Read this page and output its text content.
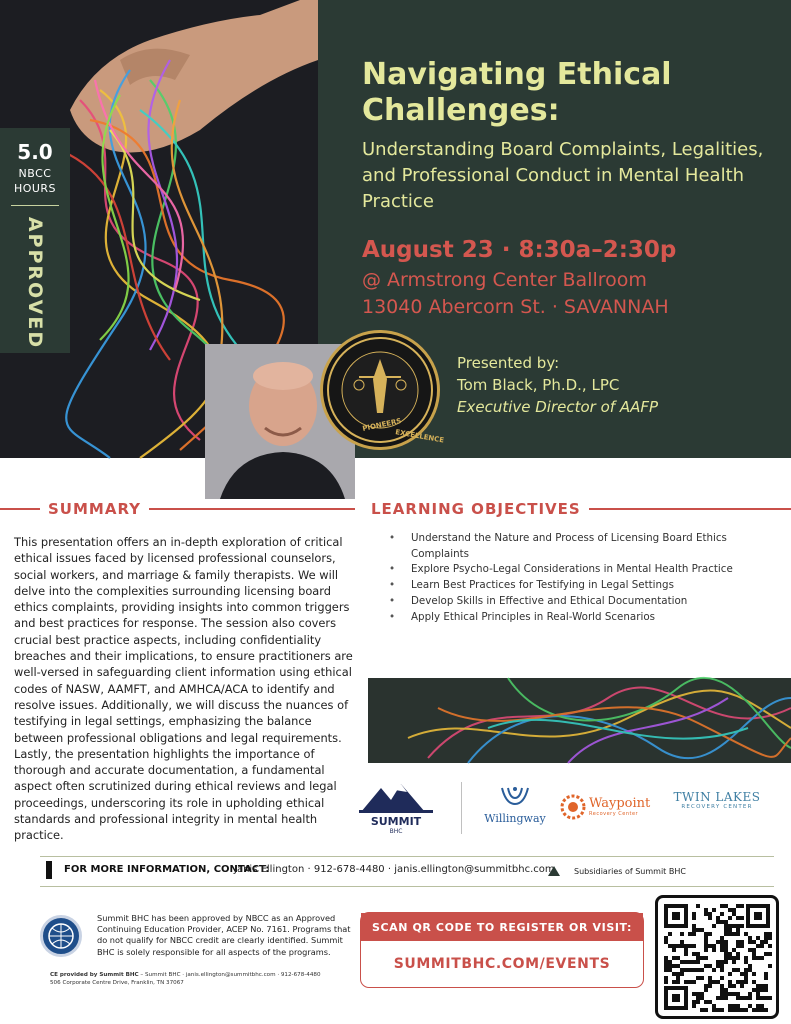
5.0
NBCC
HOURS
APPROVED
Navigating Ethical Challenges:
Understanding Board Complaints, Legalities, and Professional Conduct in Mental Health Practice
August 23 · 8:30a–2:30p
@ Armstrong Center Ballroom
13040 Abercorn St. · SAVANNAH
Presented by:
Tom Black, Ph.D., LPC
Executive Director of AAFP
PIONEERS
EXCELLENCE
SUMMARY
This presentation offers an in-depth exploration of critical ethical issues faced by licensed professional counselors, social workers, and marriage & family therapists. We will delve into the complexities surrounding licensing board ethics complaints, providing insights into common triggers and best practices for response. The session also covers crucial best practice aspects, including confidentiality breaches and their implications, to ensure practitioners are well-versed in safeguarding client information using ethical codes of NASW, AAMFT, and AMHCA/ACA to identify and resolve issues. Additionally, we will discuss the nuances of testifying in legal settings, emphasizing the balance between professional obligations and legal requirements. Lastly, the presentation highlights the importance of thorough and accurate documentation, a fundamental aspect often scrutinized during ethical reviews and legal proceedings, underscoring its role in upholding ethical standards and professional integrity in mental health practice.
LEARNING OBJECTIVES
• Understand the Nature and Process of Licensing Board Ethics Complaints
• Explore Psycho-Legal Considerations in Mental Health Practice
• Learn Best Practices for Testifying in Legal Settings
• Develop Skills in Effective and Ethical Documentation
• Apply Ethical Principles in Real-World Scenarios
SUMMIT
BHC
Willingway
Waypoint
Recovery Center
TWIN LAKES
RECOVERY CENTER
FOR MORE INFORMATION, CONTACT:
Janis Ellington · 912-678-4480 · janis.ellington@summitbhc.com Subsidiaries of Summit BHC
Summit BHC has been approved by NBCC as an Approved Continuing Education Provider, ACEP No. 7161. Programs that do not qualify for NBCC credit are clearly identified. Summit BHC is solely responsible for all aspects of the programs.
CE provided by Summit BHC – Summit BHC · janis.ellington@summitbhc.com · 912-678-4480
506 Corporate Centre Drive, Franklin, TN 37067
SCAN QR CODE TO REGISTER OR VISIT:
SUMMITBHC.COM/EVENTS
